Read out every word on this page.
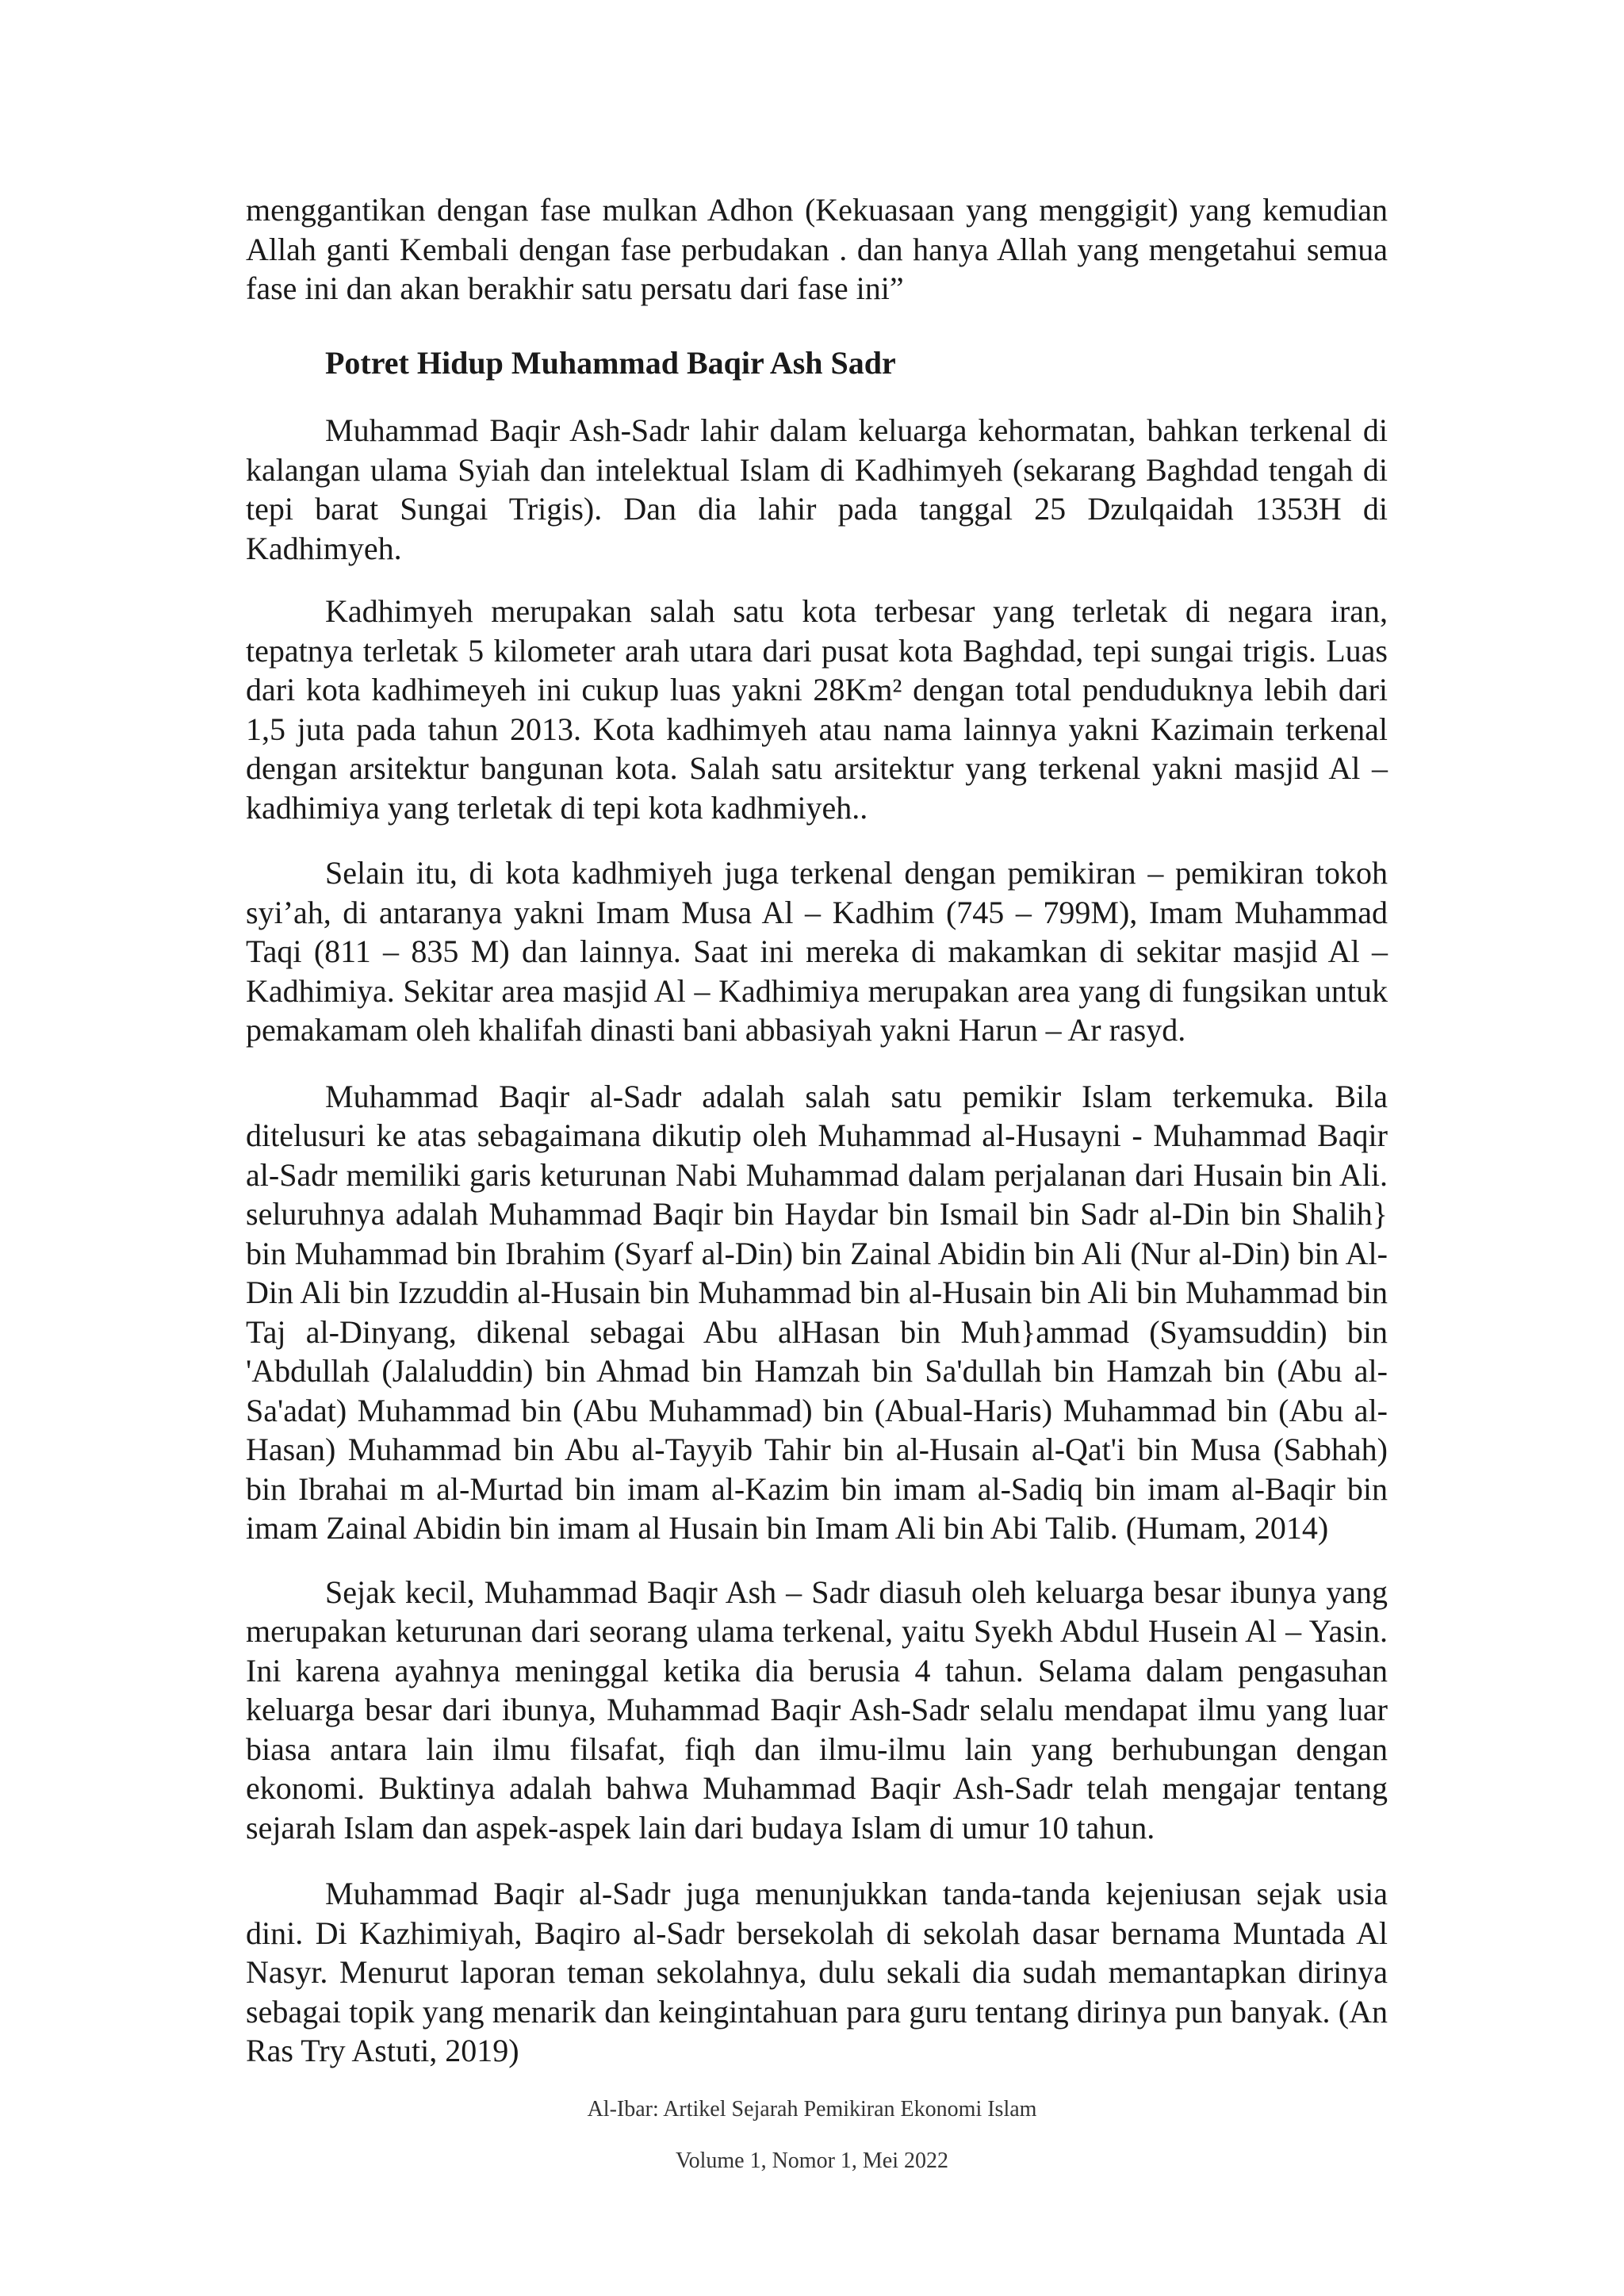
menggantikan dengan fase mulkan Adhon (Kekuasaan yang menggigit) yang kemudian Allah ganti Kembali dengan fase perbudakan . dan hanya Allah yang mengetahui semua fase ini dan akan berakhir satu persatu dari fase ini”

Potret Hidup Muhammad Baqir Ash Sadr

Muhammad Baqir Ash-Sadr lahir dalam keluarga kehormatan, bahkan terkenal di kalangan ulama Syiah dan intelektual Islam di Kadhimyeh (sekarang Baghdad tengah di tepi barat Sungai Trigis). Dan dia lahir pada tanggal 25 Dzulqaidah 1353H di Kadhimyeh.

Kadhimyeh merupakan salah satu kota terbesar yang terletak di negara iran, tepatnya terletak 5 kilometer arah utara dari pusat kota Baghdad, tepi sungai trigis. Luas dari kota kadhimeyeh ini cukup luas yakni 28Km² dengan total penduduknya lebih dari 1,5 juta pada tahun 2013. Kota kadhimyeh atau nama lainnya yakni Kazimain terkenal dengan arsitektur bangunan kota. Salah satu arsitektur yang terkenal yakni masjid Al – kadhimiya yang terletak di tepi kota kadhmiyeh..

Selain itu, di kota kadhmiyeh juga terkenal dengan pemikiran – pemikiran tokoh syi’ah, di antaranya yakni Imam Musa Al – Kadhim (745 – 799M), Imam Muhammad Taqi (811 – 835 M) dan lainnya. Saat ini mereka di makamkan di sekitar masjid Al – Kadhimiya. Sekitar area masjid Al – Kadhimiya merupakan area yang di fungsikan untuk pemakamam oleh khalifah dinasti bani abbasiyah yakni Harun – Ar rasyd.

Muhammad Baqir al-Sadr adalah salah satu pemikir Islam terkemuka. Bila ditelusuri ke atas sebagaimana dikutip oleh Muhammad al-Husayni - Muhammad Baqir al-Sadr memiliki garis keturunan Nabi Muhammad dalam perjalanan dari Husain bin Ali. seluruhnya adalah Muhammad Baqir bin Haydar bin Ismail bin Sadr al-Din bin Shalih} bin Muhammad bin Ibrahim (Syarf al-Din) bin Zainal Abidin bin Ali (Nur al-Din) bin Al-Din Ali bin Izzuddin al-Husain bin Muhammad bin al-Husain bin Ali bin Muhammad bin Taj al-Dinyang, dikenal sebagai Abu alHasan bin Muh}ammad (Syamsuddin) bin 'Abdullah (Jalaluddin) bin Ahmad bin Hamzah bin Sa'dullah bin Hamzah bin (Abu al-Sa'adat) Muhammad bin (Abu Muhammad) bin (Abual-Haris) Muhammad bin (Abu al-Hasan) Muhammad bin Abu al-Tayyib Tahir bin al-Husain al-Qat'i bin Musa (Sabhah) bin Ibrahai m al-Murtad bin imam al-Kazim bin imam al-Sadiq bin imam al-Baqir bin imam Zainal Abidin bin imam al Husain bin Imam Ali bin Abi Talib. (Humam, 2014)

Sejak kecil, Muhammad Baqir Ash – Sadr diasuh oleh keluarga besar ibunya yang merupakan keturunan dari seorang ulama terkenal, yaitu Syekh Abdul Husein Al – Yasin. Ini karena ayahnya meninggal ketika dia berusia 4 tahun. Selama dalam pengasuhan keluarga besar dari ibunya, Muhammad Baqir Ash-Sadr selalu mendapat ilmu yang luar biasa antara lain ilmu filsafat, fiqh dan ilmu-ilmu lain yang berhubungan dengan ekonomi. Buktinya adalah bahwa Muhammad Baqir Ash-Sadr telah mengajar tentang sejarah Islam dan aspek-aspek lain dari budaya Islam di umur 10 tahun.

Muhammad Baqir al-Sadr juga menunjukkan tanda-tanda kejeniusan sejak usia dini. Di Kazhimiyah, Baqiro al-Sadr bersekolah di sekolah dasar bernama Muntada Al Nasyr. Menurut laporan teman sekolahnya, dulu sekali dia sudah memantapkan dirinya sebagai topik yang menarik dan keingintahuan para guru tentang dirinya pun banyak. (An Ras Try Astuti, 2019)

Al-Ibar: Artikel Sejarah Pemikiran Ekonomi Islam
Volume 1, Nomor 1, Mei 2022
